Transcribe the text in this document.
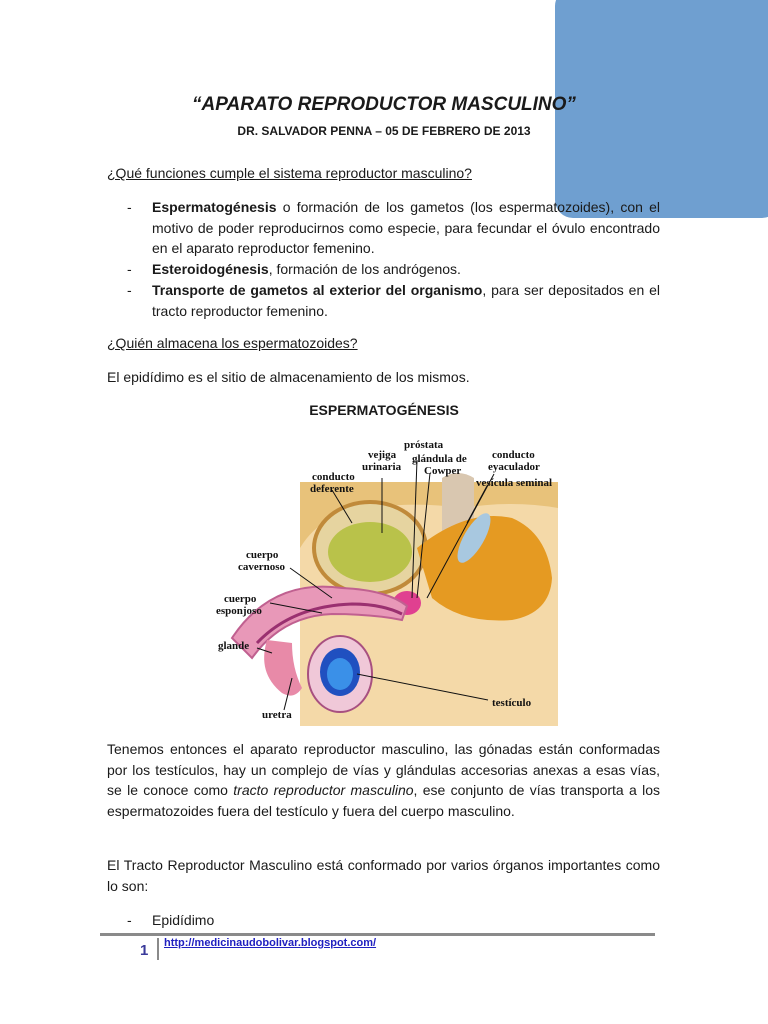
“APARATO REPRODUCTOR MASCULINO”
DR. SALVADOR PENNA – 05 DE FEBRERO DE 2013
¿Qué funciones cumple el sistema reproductor masculino?
- Espermatogénesis o formación de los gametos (los espermatozoides), con el motivo de poder reproducirnos como especie, para fecundar el óvulo encontrado en el aparato reproductor femenino.
- Esteroidogénesis, formación de los andrógenos.
- Transporte de gametos al exterior del organismo, para ser depositados en el tracto reproductor femenino.
¿Quién almacena los espermatozoides?
El epidídimo es el sitio de almacenamiento de los mismos.
ESPERMATOGÉNESIS
próstata
vejiga
urinaria
glándula de
Cowper
conducto
eyaculador
conducto
deferente	vesícula seminal
cuerpo
cavernoso
cuerpo
esponjoso
glande
uretra
testículo
Tenemos entonces el aparato reproductor masculino, las gónadas están conformadas por los testículos, hay un complejo de vías y glándulas accesorias anexas a esas vías, se le conoce como tracto reproductor masculino, ese conjunto de vías transporta a los espermatozoides fuera del testículo y fuera del cuerpo masculino.
El Tracto Reproductor Masculino está conformado por varios órganos importantes como lo son:
- Epidídimo
1 http://medicinaudobolivar.blogspot.com/
